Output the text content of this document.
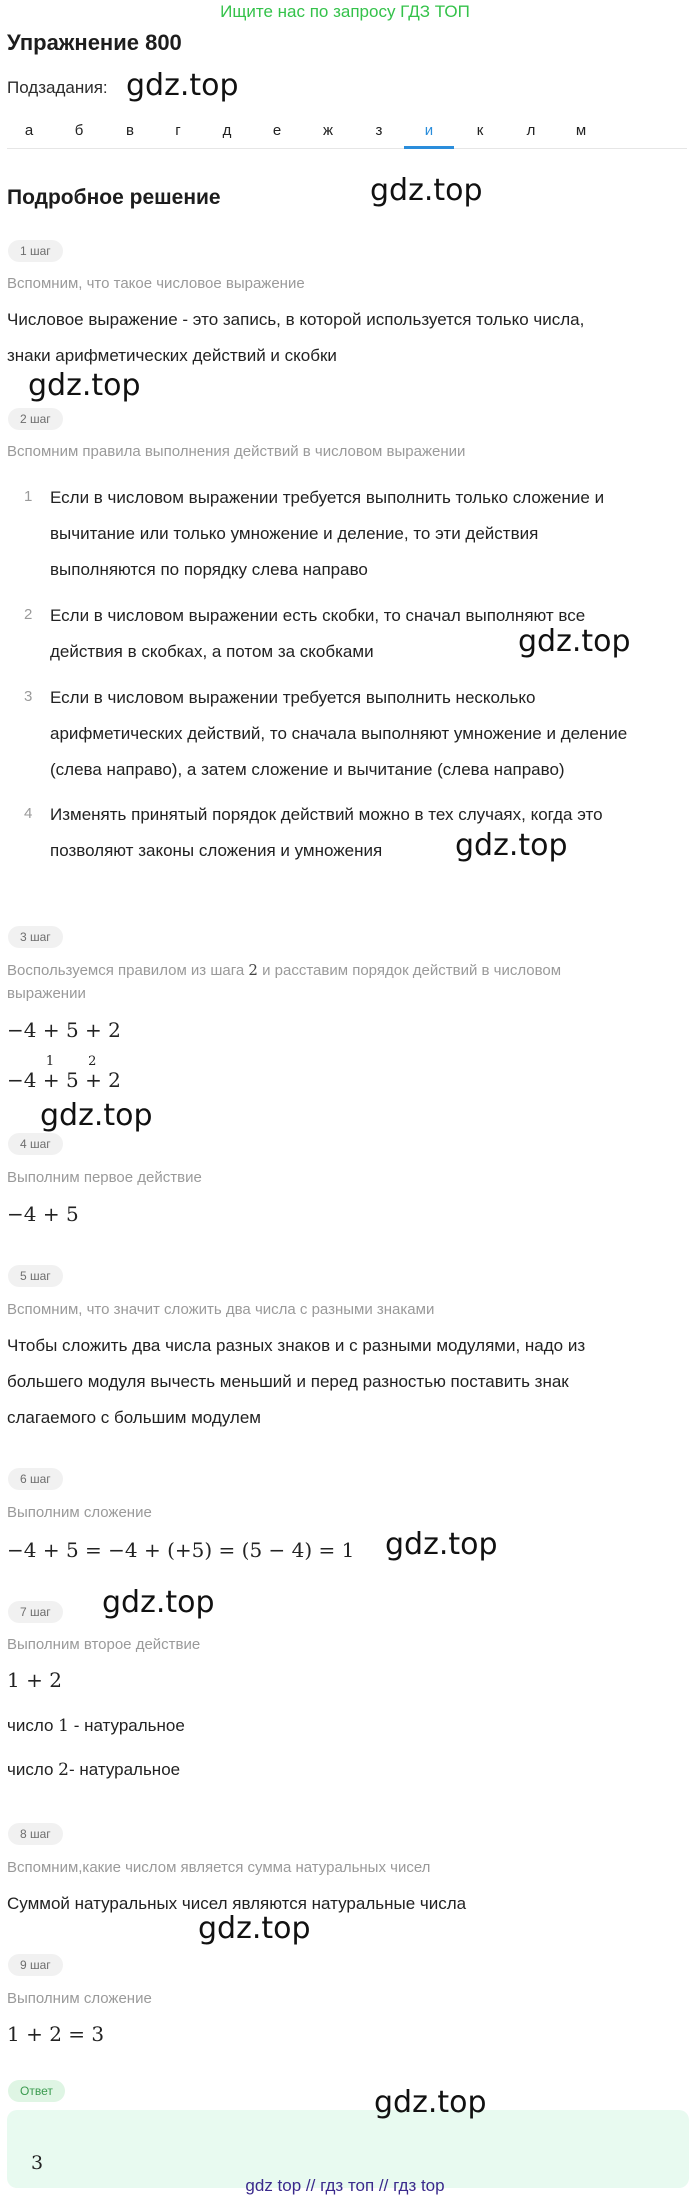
Ищите нас по запросу ГДЗ ТОП
Упражнение 800
Подзадания: gdz.top
а	б	в	г	д	е	ж	з	и	к	л	м
Подробное решение	gdz.top
1 шаг
Вспомним, что такое числовое выражение
Числовое выражение - это запись, в которой используется только числа,
знаки арифметических действий и скобки
gdz.top
2 шаг
Вспомним правила выполнения действий в числовом выражении
1 Если в числовом выражении требуется выполнить только сложение и
вычитание или только умножение и деление, то эти действия
выполняются по порядку слева направо
2 Если в числовом выражении есть скобки, то сначал выполняют все
действия в скобках, а потом за скобками	gdz.top
3 Если в числовом выражении требуется выполнить несколько
арифметических действий, то сначала выполняют умножение и деление
(слева направо), а затем сложение и вычитание (слева направо)
4 Изменять принятый порядок действий можно в тех случаях, когда это
позволяют законы сложения и умножения	gdz.top
3 шаг
Воспользуемся правилом из шага 2 и расставим порядок действий в числовом
выражении
−4 + 5 + 2
−4
1
+ 5
2
+ 2
gdz.top
4 шаг
Выполним первое действие
−4 + 5
5 шаг
Вспомним, что значит сложить два числа с разными знаками
Чтобы сложить два числа разных знаков и с разными модулями, надо из
большего модуля вычесть меньший и перед разностью поставить знак
слагаемого с большим модулем
6 шаг
Выполним сложение
−4 + 5 = −4 + (+5) = (5 − 4) = 1 gdz.top
7 шаг	gdz.top
Выполним второе действие
1 + 2
число 1 - натуральное
число 2- натуральное
8 шаг
Вспомним,какие числом является сумма натуральных чисел
Суммой натуральных чисел являются натуральные числа
gdz.top
9 шаг
Выполним сложение
1 + 2 = 3
Ответ
3
gdz.top
gdz top // гдз топ // гдз top
